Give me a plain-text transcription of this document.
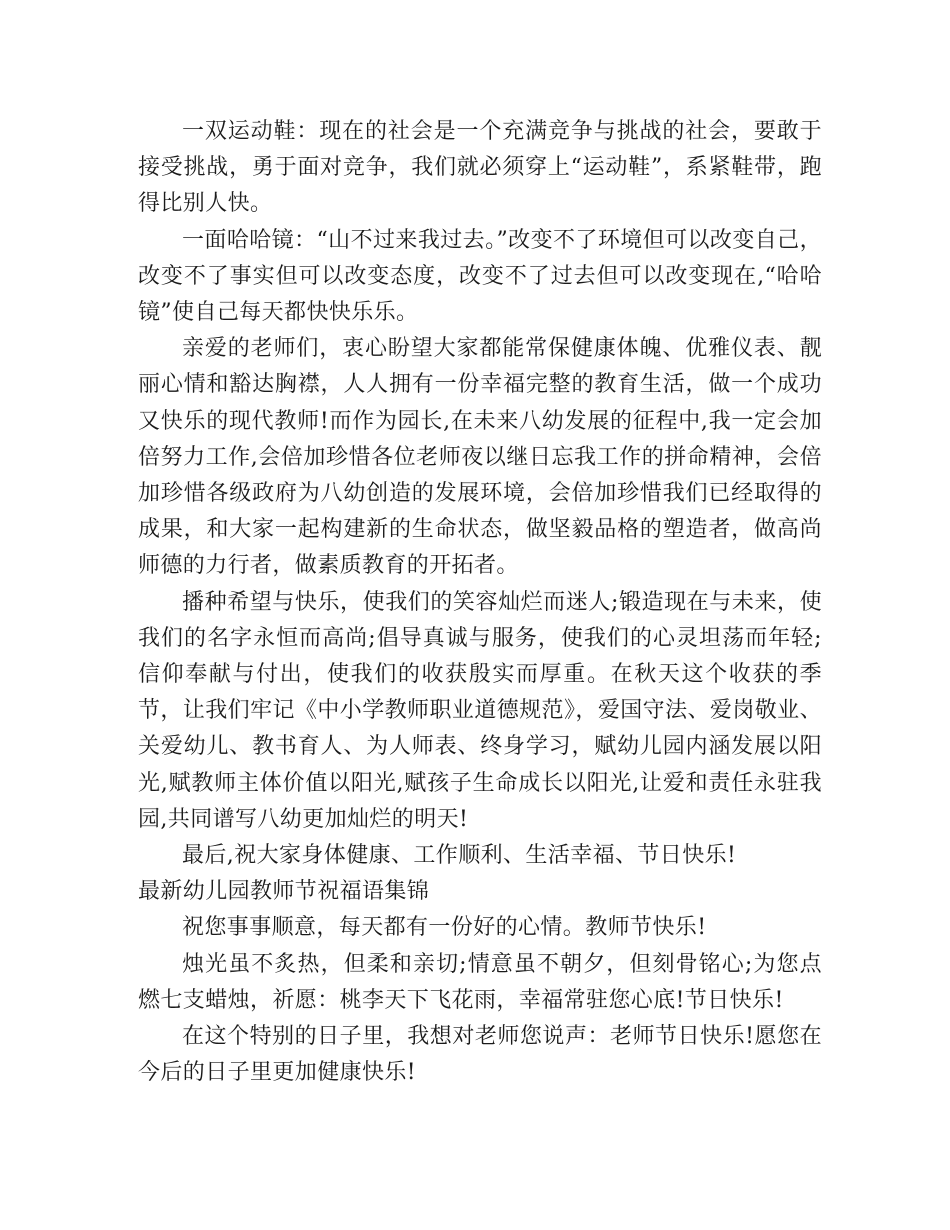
一双运动鞋：现在的社会是一个充满竞争与挑战的社会，要敢于接受挑战，勇于面对竞争，我们就必须穿上“运动鞋”，系紧鞋带，跑得比别人快。

一面哈哈镜：“山不过来我过去。”改变不了环境但可以改变自己，改变不了事实但可以改变态度，改变不了过去但可以改变现在,“哈哈镜”使自己每天都快快乐乐。

亲爱的老师们，衷心盼望大家都能常保健康体魄、优雅仪表、靓丽心情和豁达胸襟，人人拥有一份幸福完整的教育生活，做一个成功又快乐的现代教师!而作为园长,在未来八幼发展的征程中,我一定会加倍努力工作,会倍加珍惜各位老师夜以继日忘我工作的拼命精神，会倍加珍惜各级政府为八幼创造的发展环境，会倍加珍惜我们已经取得的成果，和大家一起构建新的生命状态，做坚毅品格的塑造者，做高尚师德的力行者，做素质教育的开拓者。

播种希望与快乐，使我们的笑容灿烂而迷人;锻造现在与未来，使我们的名字永恒而高尚;倡导真诚与服务，使我们的心灵坦荡而年轻;信仰奉献与付出，使我们的收获殷实而厚重。在秋天这个收获的季节，让我们牢记《中小学教师职业道德规范》，爱国守法、爱岗敬业、关爱幼儿、教书育人、为人师表、终身学习，赋幼儿园内涵发展以阳光,赋教师主体价值以阳光,赋孩子生命成长以阳光,让爱和责任永驻我园,共同谱写八幼更加灿烂的明天!

最后,祝大家身体健康、工作顺利、生活幸福、节日快乐!

最新幼儿园教师节祝福语集锦

祝您事事顺意，每天都有一份好的心情。教师节快乐!

烛光虽不炙热，但柔和亲切;情意虽不朝夕，但刻骨铭心;为您点燃七支蜡烛，祈愿：桃李天下飞花雨，幸福常驻您心底!节日快乐!

在这个特别的日子里，我想对老师您说声：老师节日快乐!愿您在今后的日子里更加健康快乐!
